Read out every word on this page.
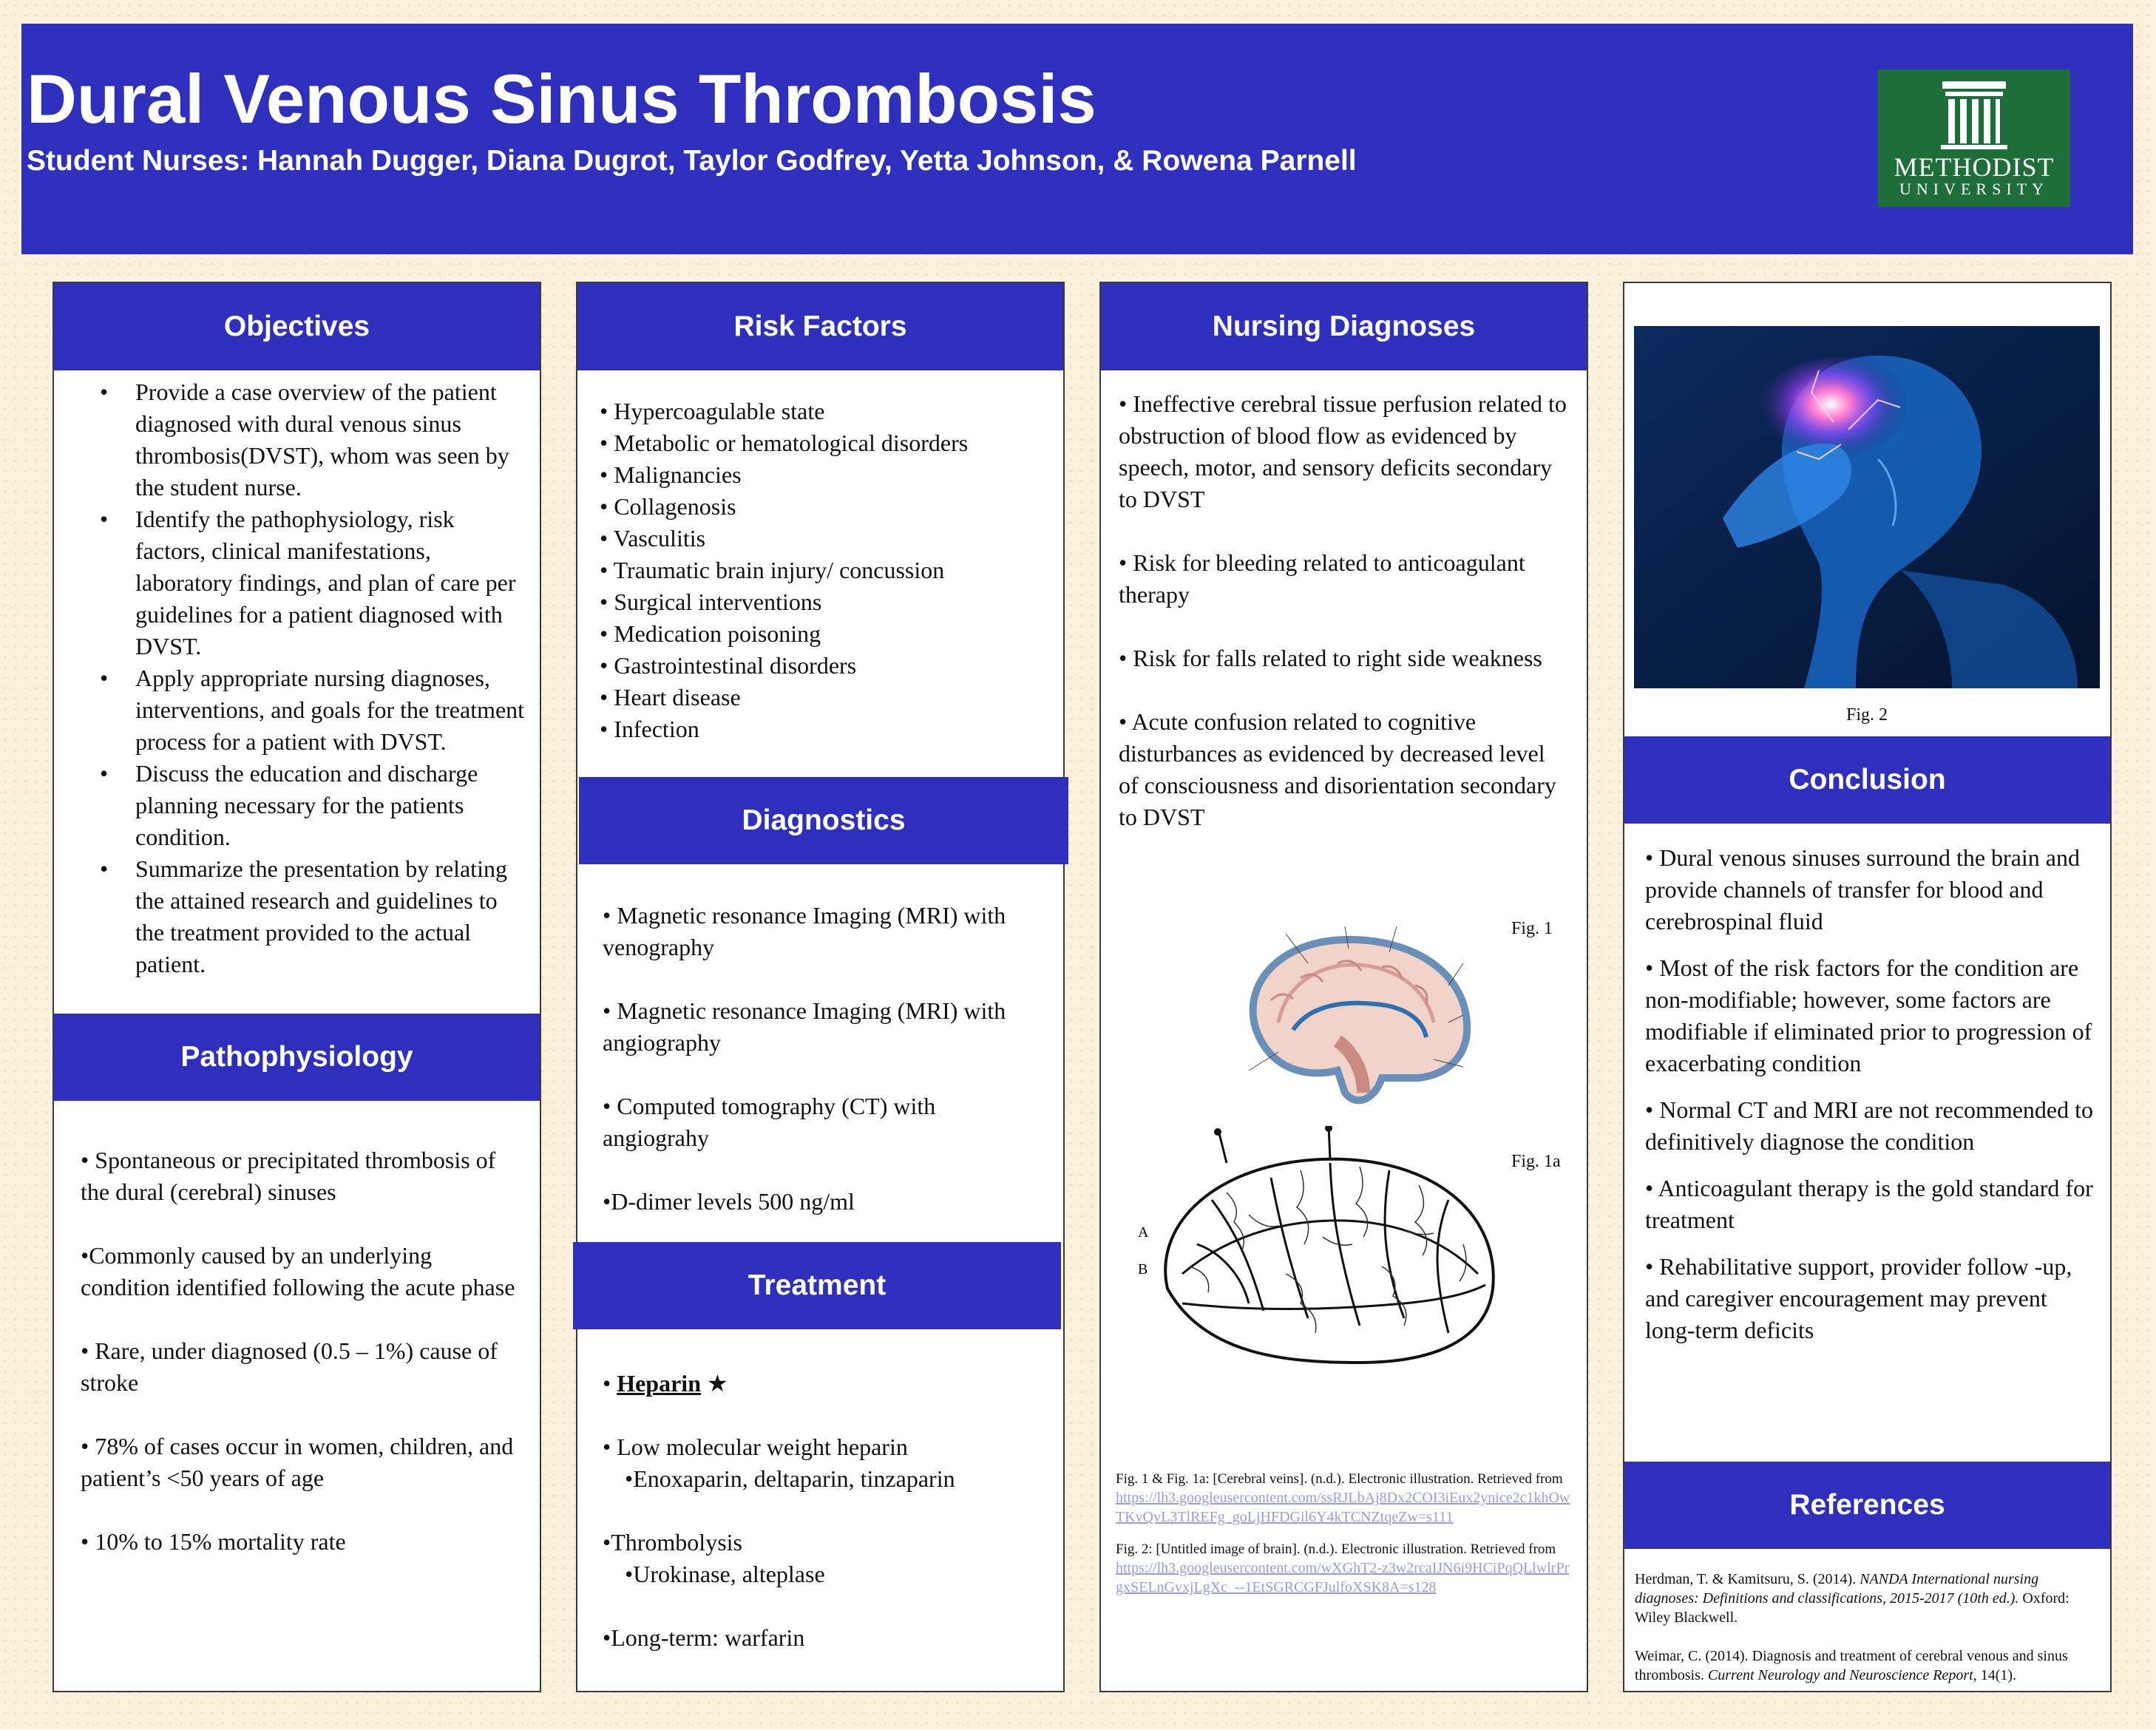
Dural Venous Sinus Thrombosis

Student Nurses: Hannah Dugger, Diana Dugrot, Taylor Godfrey, Yetta Johnson, & Rowena Parnell	METHODIST
UNIVERSITY
Objectives
• Provide a case overview of the patient diagnosed with dural venous sinus thrombosis(DVST), whom was seen by the student nurse.
• Identify the pathophysiology, risk factors, clinical manifestations, laboratory findings, and plan of care per guidelines for a patient diagnosed with DVST.
• Apply appropriate nursing diagnoses, interventions, and goals for the treatment process for a patient with DVST.
• Discuss the education and discharge planning necessary for the patients condition.
• Summarize the presentation by relating the attained research and guidelines to the treatment provided to the actual patient.
Pathophysiology

• Spontaneous or precipitated thrombosis of the dural (cerebral) sinuses

•Commonly caused by an underlying condition identified following the acute phase

• Rare, under diagnosed (0.5 – 1%) cause of stroke

• 78% of cases occur in women, children, and patient’s <50 years of age

• 10% to 15% mortality rate

Risk Factors
• Hypercoagulable state
• Metabolic or hematological disorders
• Malignancies
• Collagenosis
• Vasculitis
• Traumatic brain injury/ concussion
• Surgical interventions
• Medication poisoning
• Gastrointestinal disorders
• Heart disease
• Infection
Diagnostics

• Magnetic resonance Imaging (MRI) with venography

• Magnetic resonance Imaging (MRI) with angiography

• Computed tomography (CT) with angiograhy

•D-dimer levels 500 ng/ml

Treatment

• Heparin ★

• Low molecular weight heparin

•Enoxaparin, deltaparin, tinzaparin

•Thrombolysis

•Urokinase, alteplase

•Long-term: warfarin

Nursing Diagnoses

• Ineffective cerebral tissue perfusion related to obstruction of blood flow as evidenced by speech, motor, and sensory deficits secondary to DVST

• Risk for bleeding related to anticoagulant therapy

• Risk for falls related to right side weakness

• Acute confusion related to cognitive disturbances as evidenced by decreased level of consciousness and disorientation secondary to DVST

Fig. 1
A
B
Fig. 1a
Fig. 1 & Fig. 1a: [Cerebral veins]. (n.d.). Electronic illustration. Retrieved from
https://lh3.googleusercontent.com/ssRJLbAj8Dx2COI3iEux2ynice2c1khOwTKvQvL3TlREFg_goLjHFDGil6Y4kTCNZtqeZw=s111
Fig. 2: [Untitled image of brain]. (n.d.). Electronic illustration. Retrieved from
https://lh3.googleusercontent.com/wXGhT2-z3w2rcaIJN6i9HCiPqQLlwlrPrgxSELnGvxjLgXc_--1EtSGRCGFJulfoXSK8A=s128
Fig. 2
Conclusion

• Dural venous sinuses surround the brain and provide channels of transfer for blood and cerebrospinal fluid

• Most of the risk factors for the condition are non-modifiable; however, some factors are modifiable if eliminated prior to progression of exacerbating condition

• Normal CT and MRI are not recommended to definitively diagnose the condition

• Anticoagulant therapy is the gold standard for treatment

• Rehabilitative support, provider follow -up, and caregiver encouragement may prevent long-term deficits

References

Herdman, T. & Kamitsuru, S. (2014). NANDA International nursing diagnoses: Definitions and classifications, 2015-2017 (10th ed.). Oxford: Wiley Blackwell.

Weimar, C. (2014). Diagnosis and treatment of cerebral venous and sinus thrombosis. Current Neurology and Neuroscience Report, 14(1).
